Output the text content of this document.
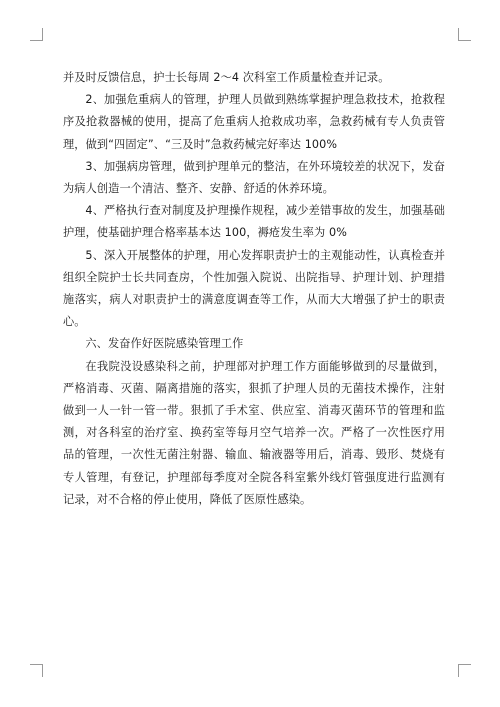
并及时反馈信息，护士长每周 2～4 次科室工作质量检查并记录。

2、加强危重病人的管理，护理人员做到熟练掌握护理急救技术，抢救程序及抢救器械的使用，提高了危重病人抢救成功率，急救药械有专人负责管理，做到“四固定”、“三及时”急救药械完好率达 100%

3、加强病房管理，做到护理单元的整洁，在外环境较差的状况下，发奋为病人创造一个清洁、整齐、安静、舒适的休养环境。

4、严格执行查对制度及护理操作规程，减少差错事故的发生，加强基础护理，使基础护理合格率基本达 100，褥疮发生率为 0%

5、深入开展整体的护理，用心发挥职责护士的主观能动性，认真检查并组织全院护士长共同查房，个性加强入院说、出院指导、护理计划、护理措施落实，病人对职责护士的满意度调查等工作，从而大大增强了护士的职责心。

六、发奋作好医院感染管理工作

在我院没设感染科之前，护理部对护理工作方面能够做到的尽量做到，严格消毒、灭菌、隔离措施的落实，狠抓了护理人员的无菌技术操作，注射做到一人一针一管一带。狠抓了手术室、供应室、消毒灭菌环节的管理和监测，对各科室的治疗室、换药室等每月空气培养一次。严格了一次性医疗用品的管理，一次性无菌注射器、输血、输液器等用后，消毒、毁形、焚烧有专人管理，有登记，护理部每季度对全院各科室紫外线灯管强度进行监测有记录，对不合格的停止使用，降低了医原性感染。
